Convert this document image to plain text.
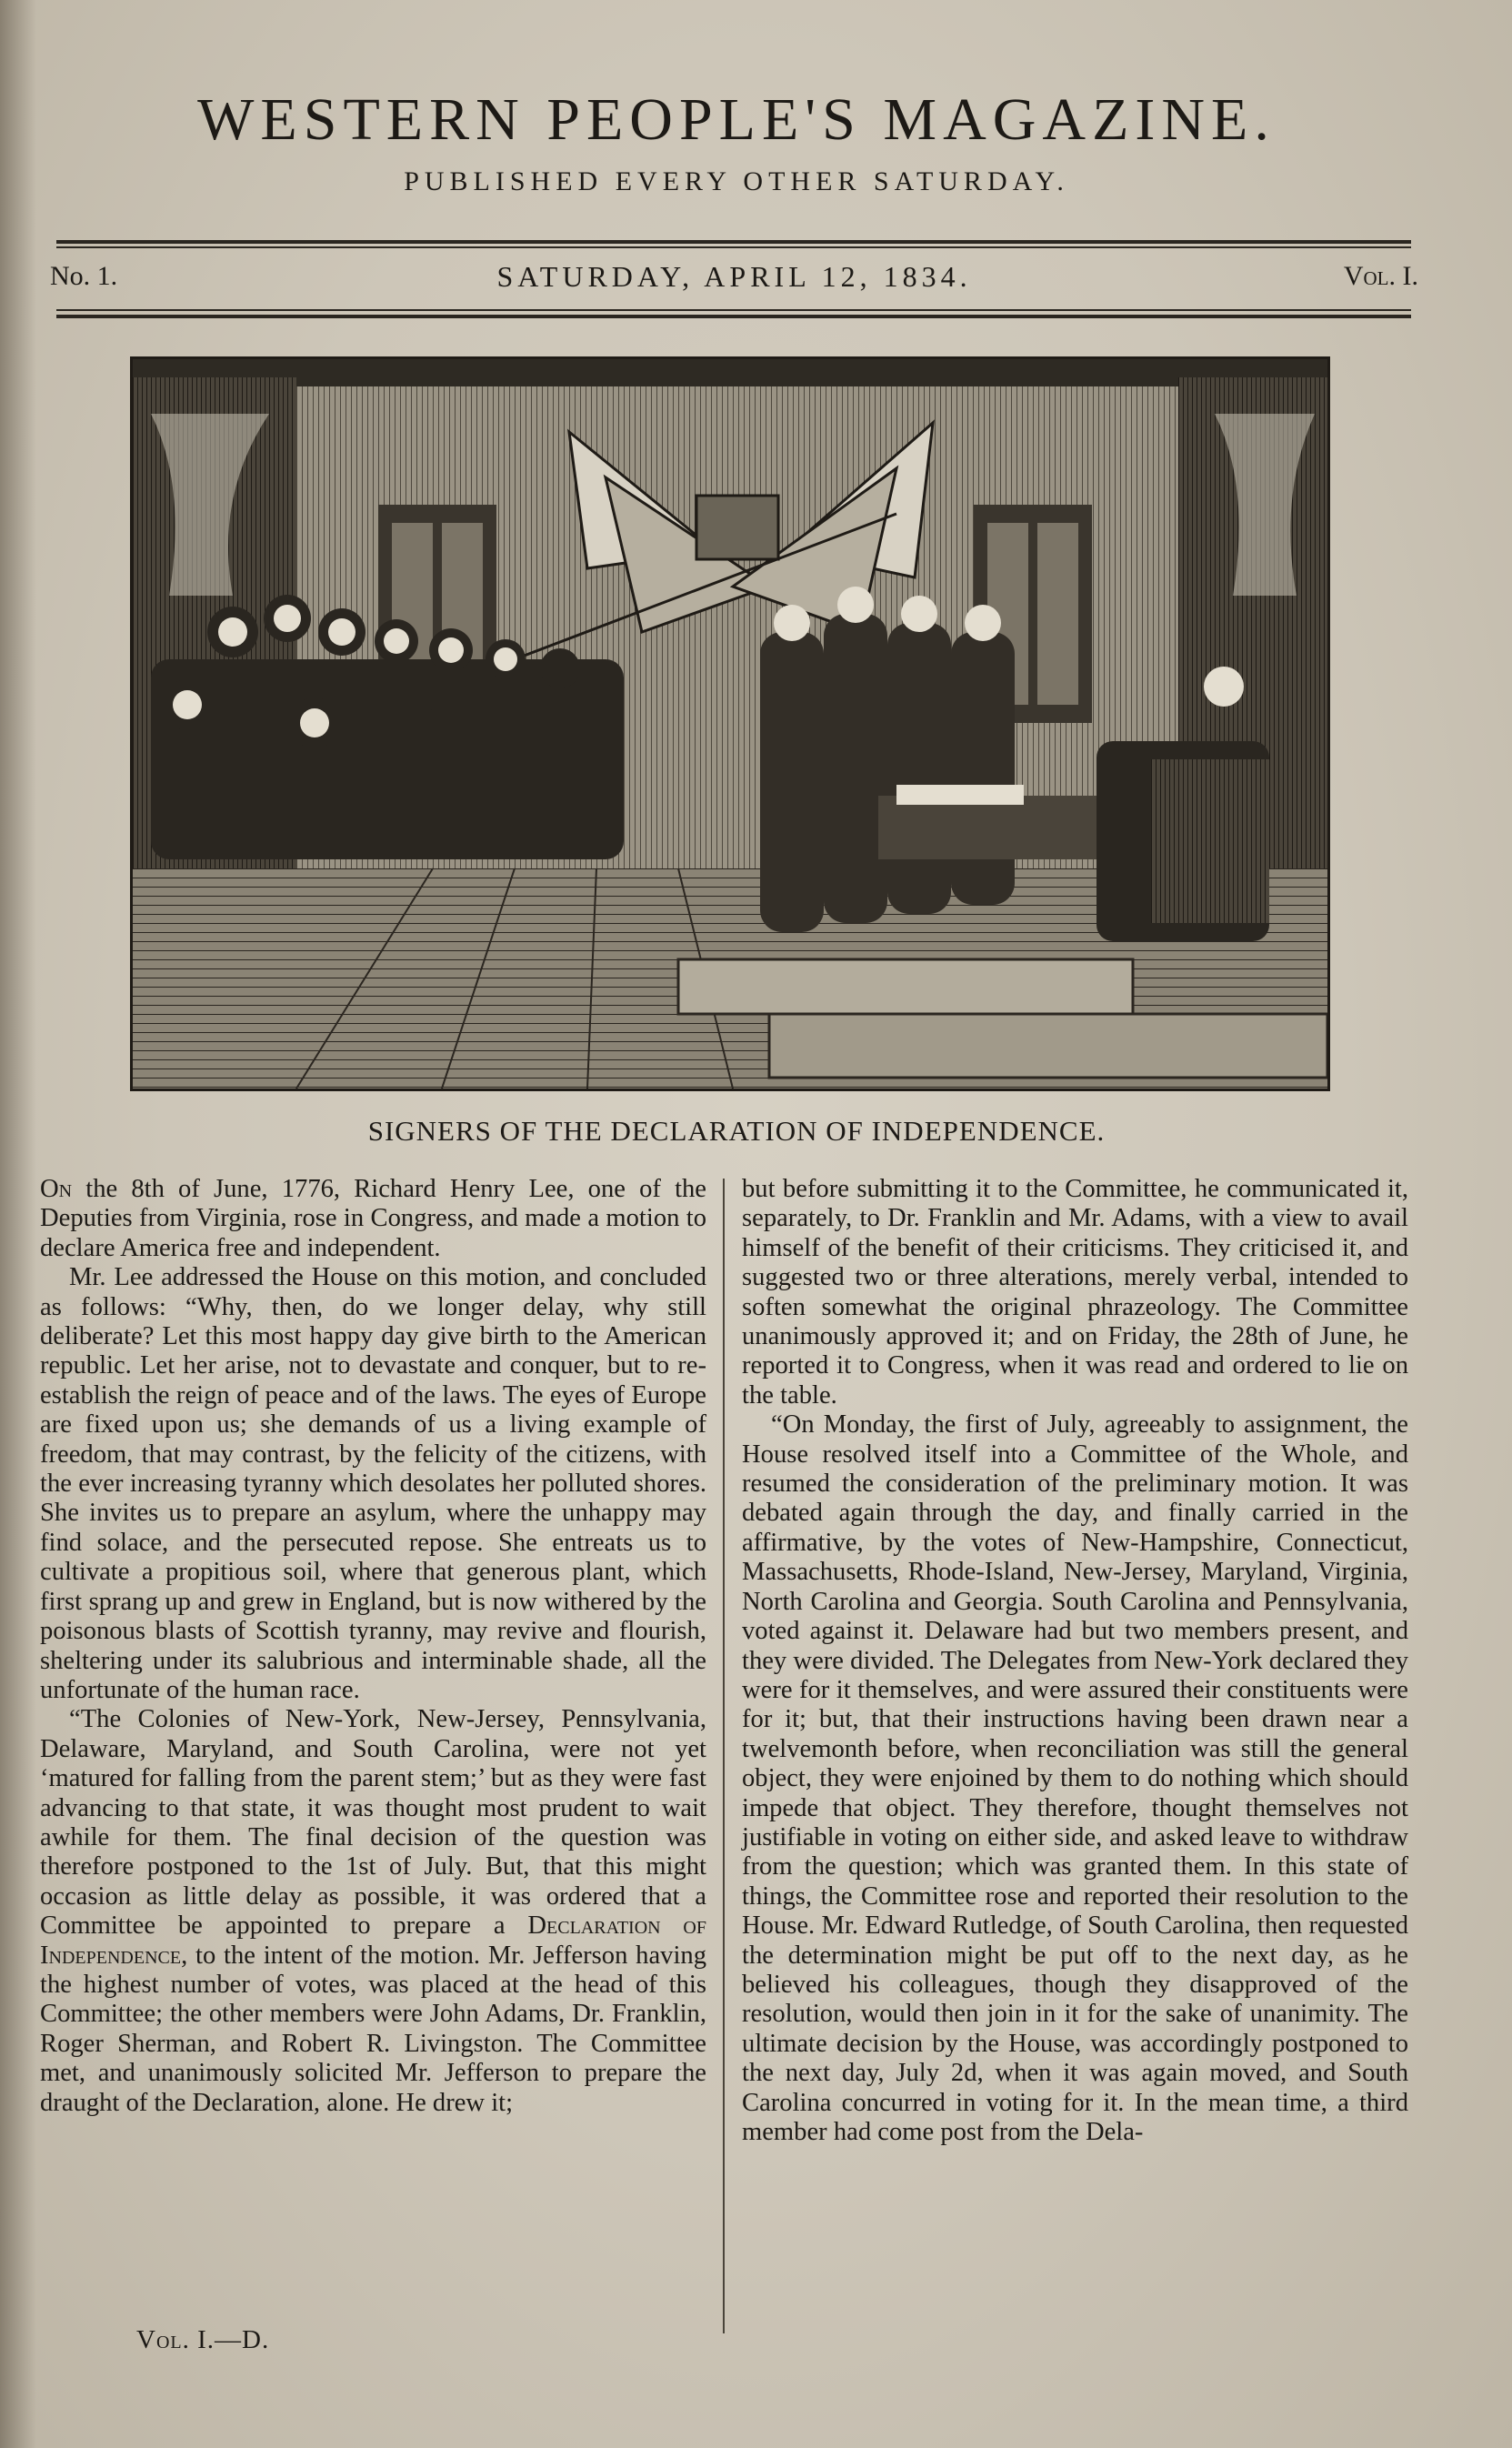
WESTERN PEOPLE'S MAGAZINE.
PUBLISHED EVERY OTHER SATURDAY.
No. 1.	SATURDAY, APRIL 12, 1834.	Vol. I.
SIGNERS OF THE DECLARATION OF INDEPENDENCE.

On the 8th of June, 1776, Richard Henry Lee, one of the Deputies from Virginia, rose in Congress, and made a motion to declare America free and independent.

Mr. Lee addressed the House on this motion, and concluded as follows: “Why, then, do we longer delay, why still deliberate? Let this most happy day give birth to the American republic. Let her arise, not to devastate and conquer, but to re-establish the reign of peace and of the laws. The eyes of Europe are fixed upon us; she demands of us a living example of freedom, that may contrast, by the felicity of the citizens, with the ever increasing tyranny which desolates her polluted shores. She invites us to prepare an asylum, where the unhappy may find solace, and the persecuted repose. She entreats us to cultivate a propitious soil, where that generous plant, which first sprang up and grew in England, but is now withered by the poisonous blasts of Scottish tyranny, may revive and flourish, sheltering under its salubrious and interminable shade, all the unfortunate of the human race.

“The Colonies of New-York, New-Jersey, Pennsylvania, Delaware, Maryland, and South Carolina, were not yet ‘matured for falling from the parent stem;’ but as they were fast advancing to that state, it was thought most prudent to wait awhile for them. The final decision of the question was therefore postponed to the 1st of July. But, that this might occasion as little delay as possible, it was ordered that a Committee be appointed to prepare a Declaration of Independence, to the intent of the motion. Mr. Jefferson having the highest number of votes, was placed at the head of this Committee; the other members were John Adams, Dr. Franklin, Roger Sherman, and Robert R. Livingston. The Committee met, and unanimously solicited Mr. Jefferson to prepare the draught of the Declaration, alone. He drew it;

but before submitting it to the Committee, he communicated it, separately, to Dr. Franklin and Mr. Adams, with a view to avail himself of the benefit of their criticisms. They criticised it, and suggested two or three alterations, merely verbal, intended to soften somewhat the original phrazeology. The Committee unanimously approved it; and on Friday, the 28th of June, he reported it to Congress, when it was read and ordered to lie on the table.

“On Monday, the first of July, agreeably to assignment, the House resolved itself into a Committee of the Whole, and resumed the consideration of the preliminary motion. It was debated again through the day, and finally carried in the affirmative, by the votes of New-Hampshire, Connecticut, Massachusetts, Rhode-Island, New-Jersey, Maryland, Virginia, North Carolina and Georgia. South Carolina and Pennsylvania, voted against it. Delaware had but two members present, and they were divided. The Delegates from New-York declared they were for it themselves, and were assured their constituents were for it; but, that their instructions having been drawn near a twelvemonth before, when reconciliation was still the general object, they were enjoined by them to do nothing which should impede that object. They therefore, thought themselves not justifiable in voting on either side, and asked leave to withdraw from the question; which was granted them. In this state of things, the Committee rose and reported their resolution to the House. Mr. Edward Rutledge, of South Carolina, then requested the determination might be put off to the next day, as he believed his colleagues, though they disapproved of the resolution, would then join in it for the sake of unanimity. The ultimate decision by the House, was accordingly postponed to the next day, July 2d, when it was again moved, and South Carolina concurred in voting for it. In the mean time, a third member had come post from the Dela-

Vol. I.—D.
